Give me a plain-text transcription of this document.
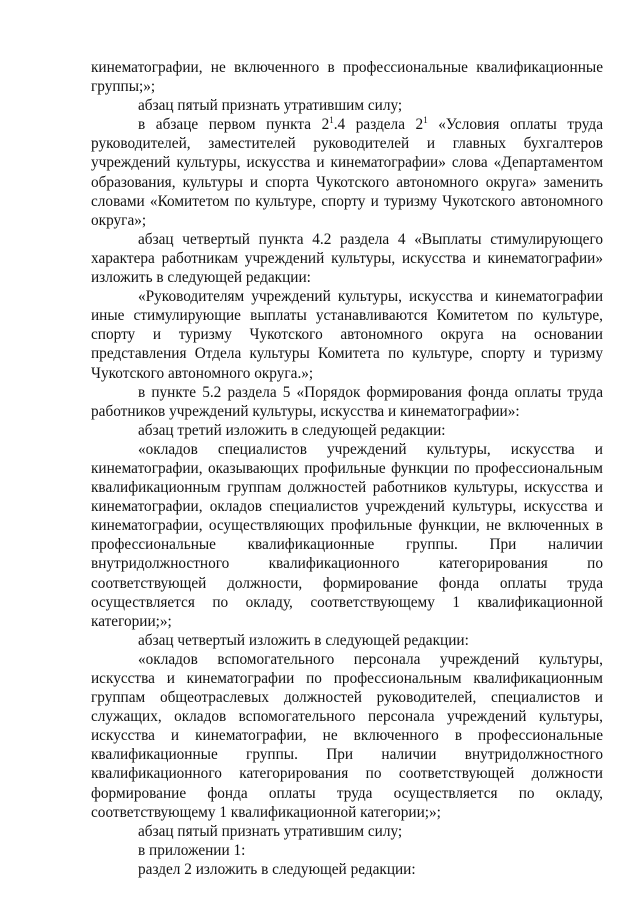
кинематографии, не включенного в профессиональные квалификационные группы;»;

абзац пятый признать утратившим силу;

в абзаце первом пункта $2^1.4$ раздела $2^1$ «Условия оплаты труда руководителей, заместителей руководителей и главных бухгалтеров учреждений культуры, искусства и кинематографии» слова «Департаментом образования, культуры и спорта Чукотского автономного округа» заменить словами «Комитетом по культуре, спорту и туризму Чукотского автономного округа»;

абзац четвертый пункта 4.2 раздела 4 «Выплаты стимулирующего характера работникам учреждений культуры, искусства и кинематографии» изложить в следующей редакции:

«Руководителям учреждений культуры, искусства и кинематографии иные стимулирующие выплаты устанавливаются Комитетом по культуре, спорту и туризму Чукотского автономного округа на основании представления Отдела культуры Комитета по культуре, спорту и туризму Чукотского автономного округа.»;

в пункте 5.2 раздела 5 «Порядок формирования фонда оплаты труда работников учреждений культуры, искусства и кинематографии»:

абзац третий изложить в следующей редакции:

«окладов специалистов учреждений культуры, искусства и кинематографии, оказывающих профильные функции по профессиональным квалификационным группам должностей работников культуры, искусства и кинематографии, окладов специалистов учреждений культуры, искусства и кинематографии, осуществляющих профильные функции, не включенных в профессиональные квалификационные группы. При наличии внутридолжностного квалификационного категорирования по соответствующей должности, формирование фонда оплаты труда осуществляется по окладу, соответствующему 1 квалификационной категории;»;

абзац четвертый изложить в следующей редакции:

«окладов вспомогательного персонала учреждений культуры, искусства и кинематографии по профессиональным квалификационным группам общеотраслевых должностей руководителей, специалистов и служащих, окладов вспомогательного персонала учреждений культуры, искусства и кинематографии, не включенного в профессиональные квалификационные группы. При наличии внутридолжностного квалификационного категорирования по соответствующей должности формирование фонда оплаты труда осуществляется по окладу, соответствующему 1 квалификационной категории;»;

абзац пятый признать утратившим силу;

в приложении 1:

раздел 2 изложить в следующей редакции:
